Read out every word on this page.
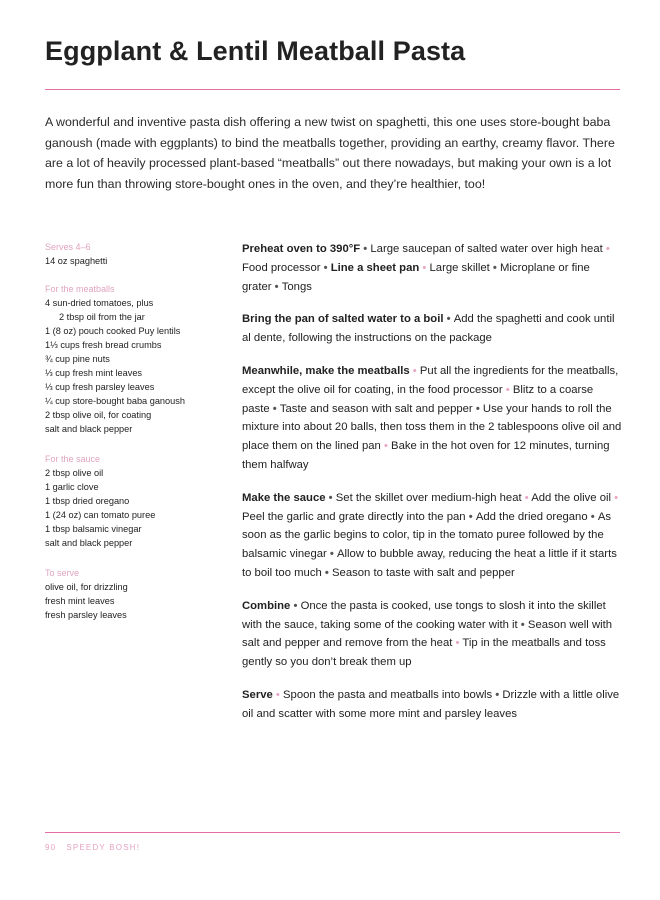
Eggplant & Lentil Meatball Pasta

A wonderful and inventive pasta dish offering a new twist on spaghetti, this one uses store-bought baba ganoush (made with eggplants) to bind the meatballs together, providing an earthy, creamy flavor. There are a lot of heavily processed plant-based “meatballs” out there nowadays, but making your own is a lot more fun than throwing store-bought ones in the oven, and they’re healthier, too!

Serves 4–6

14 oz spaghetti

For the meatballs

4 sun-dried tomatoes, plus
2 tbsp oil from the jar
1 (8 oz) pouch cooked Puy lentils
1⅓ cups fresh bread crumbs
¾ cup pine nuts
⅓ cup fresh mint leaves
⅓ cup fresh parsley leaves
¼ cup store-bought baba ganoush
2 tbsp olive oil, for coating
salt and black pepper

For the sauce

2 tbsp olive oil
1 garlic clove
1 tbsp dried oregano
1 (24 oz) can tomato puree
1 tbsp balsamic vinegar
salt and black pepper

To serve

olive oil, for drizzling
fresh mint leaves
fresh parsley leaves

Preheat oven to 390°F • Large saucepan of salted water over high heat • Food processor • Line a sheet pan • Large skillet • Microplane or fine grater • Tongs

Bring the pan of salted water to a boil • Add the spaghetti and cook until al dente, following the instructions on the package

Meanwhile, make the meatballs • Put all the ingredients for the meatballs, except the olive oil for coating, in the food processor • Blitz to a coarse paste • Taste and season with salt and pepper • Use your hands to roll the mixture into about 20 balls, then toss them in the 2 tablespoons olive oil and place them on the lined pan • Bake in the hot oven for 12 minutes, turning them halfway

Make the sauce • Set the skillet over medium-high heat • Add the olive oil • Peel the garlic and grate directly into the pan • Add the dried oregano • As soon as the garlic begins to color, tip in the tomato puree followed by the balsamic vinegar • Allow to bubble away, reducing the heat a little if it starts to boil too much • Season to taste with salt and pepper

Combine • Once the pasta is cooked, use tongs to slosh it into the skillet with the sauce, taking some of the cooking water with it • Season well with salt and pepper and remove from the heat • Tip in the meatballs and toss gently so you don’t break them up

Serve • Spoon the pasta and meatballs into bowls • Drizzle with a little olive oil and scatter with some more mint and parsley leaves

90 SPEEDY BOSH!
